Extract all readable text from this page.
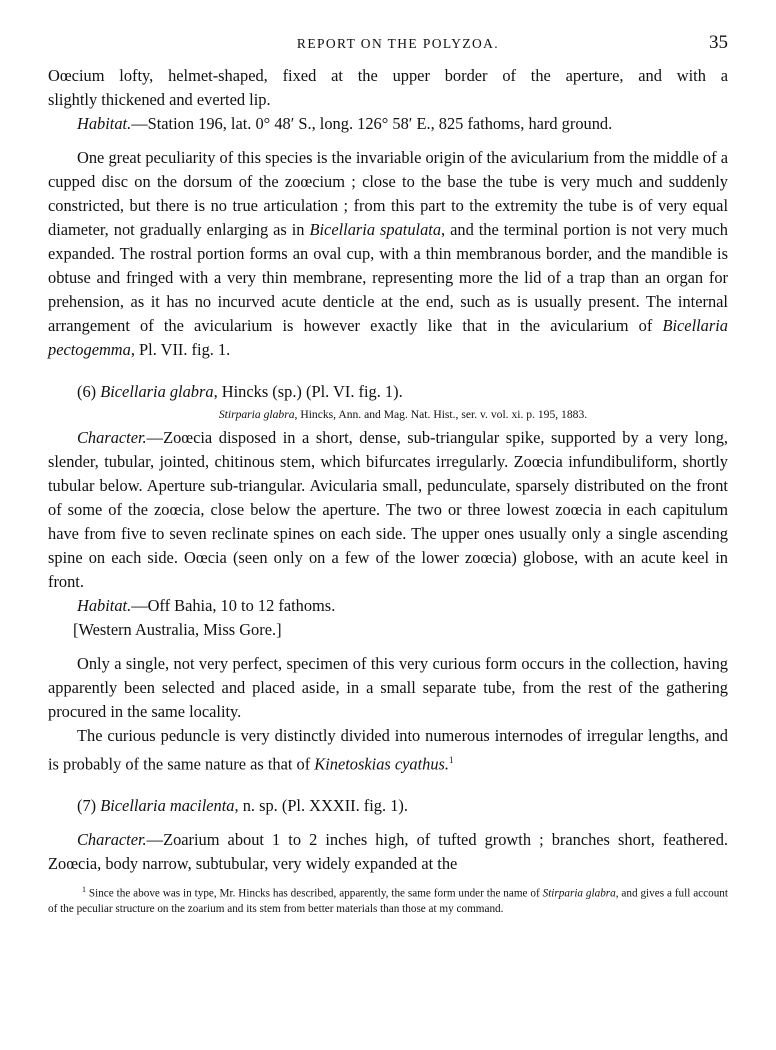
REPORT ON THE POLYZOA.	35
Oœcium lofty, helmet-shaped, fixed at the upper border of the aperture, and with a
slightly thickened and everted lip.

Habitat.—Station 196, lat. 0° 48′ S., long. 126° 58′ E., 825 fathoms, hard ground.

One great peculiarity of this species is the invariable origin of the avicularium from the middle of a cupped disc on the dorsum of the zoœcium ; close to the base the tube is very much and suddenly constricted, but there is no true articulation ; from this part to the extremity the tube is of very equal diameter, not gradually enlarging as in Bicellaria spatulata, and the terminal portion is not very much expanded. The rostral portion forms an oval cup, with a thin membranous border, and the mandible is obtuse and fringed with a very thin membrane, representing more the lid of a trap than an organ for prehension, as it has no incurved acute denticle at the end, such as is usually present. The internal arrangement of the avicularium is however exactly like that in the avicularium of Bicellaria pectogemma, Pl. VII. fig. 1.

(6) Bicellaria glabra, Hincks (sp.) (Pl. VI. fig. 1).
Stirparia glabra, Hincks, Ann. and Mag. Nat. Hist., ser. v. vol. xi. p. 195, 1883.

Character.—Zoœcia disposed in a short, dense, sub-triangular spike, supported by a very long, slender, tubular, jointed, chitinous stem, which bifurcates irregularly. Zoœcia infundibuliform, shortly tubular below. Aperture sub-triangular. Avicularia small, pedunculate, sparsely distributed on the front of some of the zoœcia, close below the aperture. The two or three lowest zoœcia in each capitulum have from five to seven reclinate spines on each side. The upper ones usually only a single ascending spine on each side. Oœcia (seen only on a few of the lower zoœcia) globose, with an acute keel in front.

Habitat.—Off Bahia, 10 to 12 fathoms.

[Western Australia, Miss Gore.]

Only a single, not very perfect, specimen of this very curious form occurs in the collection, having apparently been selected and placed aside, in a small separate tube, from the rest of the gathering procured in the same locality.

The curious peduncle is very distinctly divided into numerous internodes of irregular lengths, and is probably of the same nature as that of Kinetoskias cyathus.$^1$

(7) Bicellaria macilenta, n. sp. (Pl. XXXII. fig. 1).

Character.—Zoarium about 1 to 2 inches high, of tufted growth ; branches short, feathered. Zoœcia, body narrow, subtubular, very widely expanded at the

$^1$ Since the above was in type, Mr. Hincks has described, apparently, the same form under the name of Stirparia glabra, and gives a full account of the peculiar structure on the zoarium and its stem from better materials than those at my command.
